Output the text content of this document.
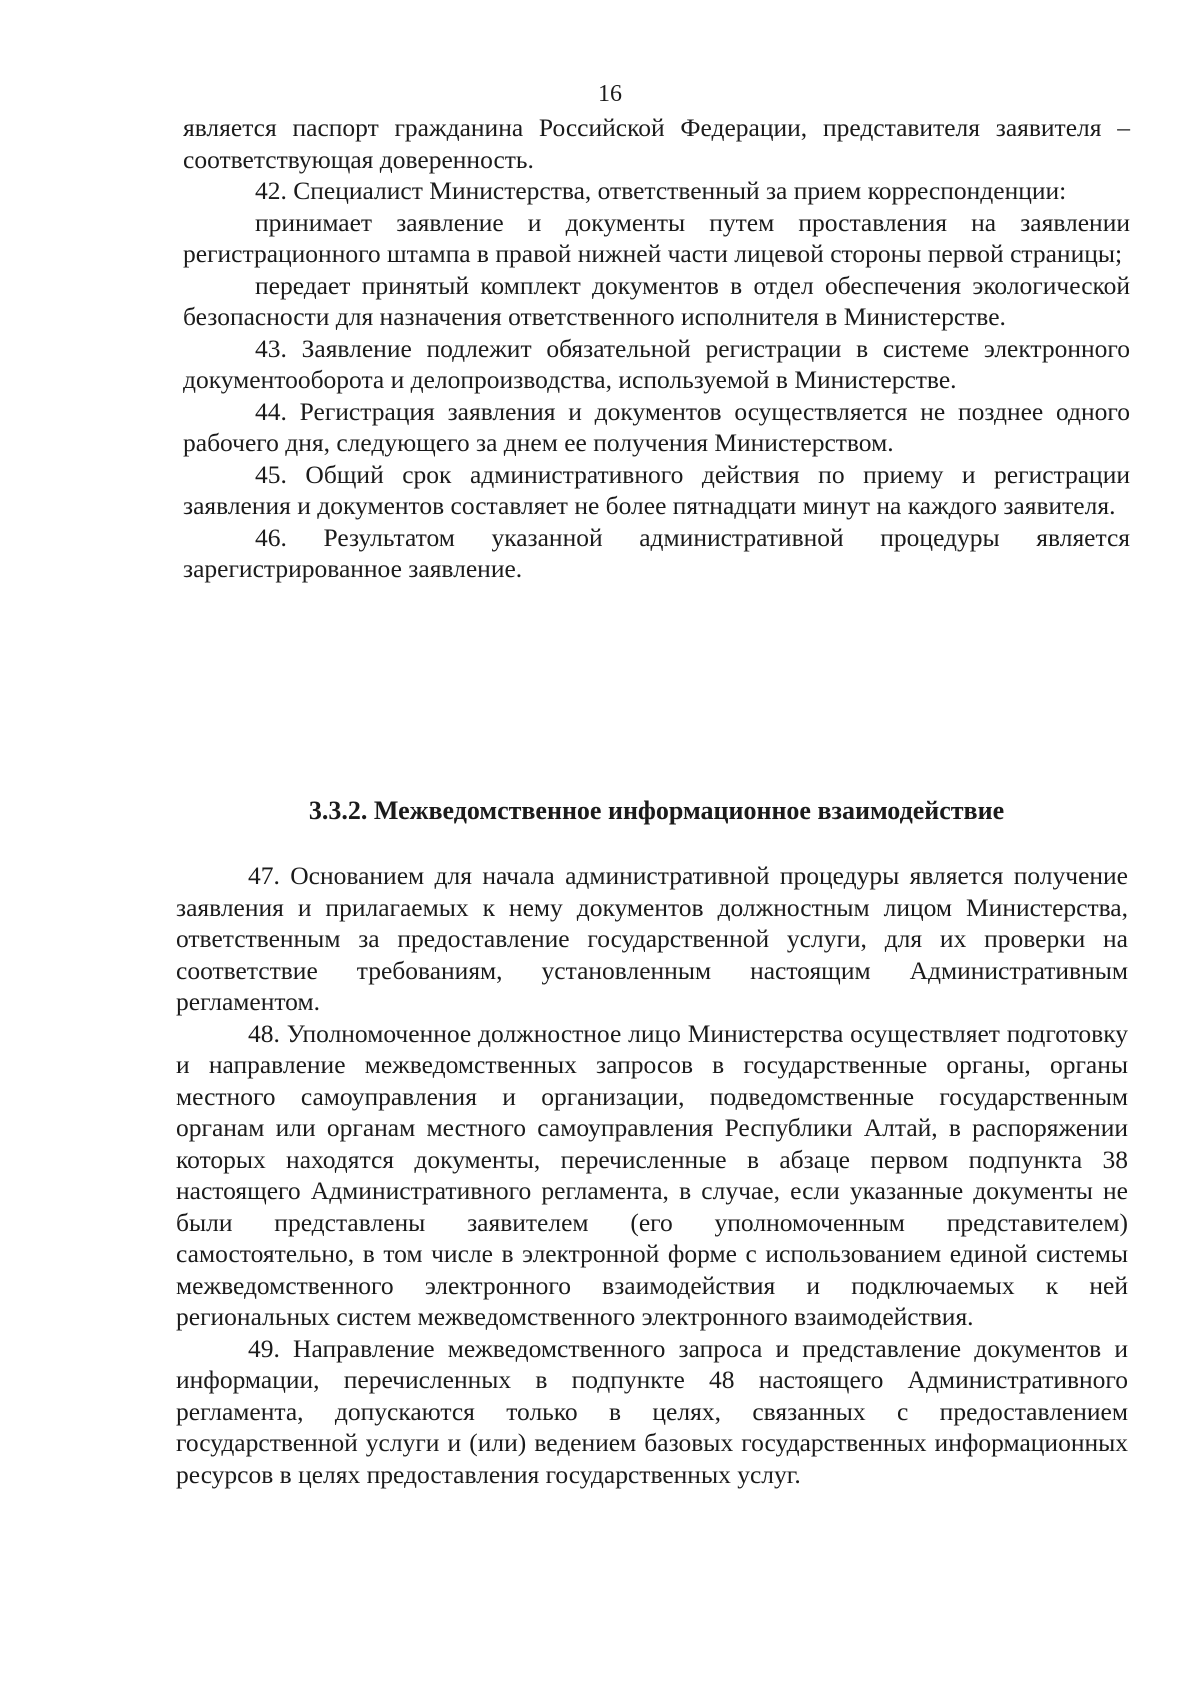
16

является паспорт гражданина Российской Федерации, представителя заявителя – соответствующая доверенность.

42. Специалист Министерства, ответственный за прием корреспонденции:

принимает заявление и документы путем проставления на заявлении регистрационного штампа в правой нижней части лицевой стороны первой страницы;

передает принятый комплект документов в отдел обеспечения экологической безопасности для назначения ответственного исполнителя в Министерстве.

43. Заявление подлежит обязательной регистрации в системе электронного документооборота и делопроизводства, используемой в Министерстве.

44. Регистрация заявления и документов осуществляется не позднее одного рабочего дня, следующего за днем ее получения Министерством.

45. Общий срок административного действия по приему и регистрации заявления и документов составляет не более пятнадцати минут на каждого заявителя.

46. Результатом указанной административной процедуры является зарегистрированное заявление.

3.3.2. Межведомственное информационное взаимодействие

47. Основанием для начала административной процедуры является получение заявления и прилагаемых к нему документов должностным лицом Министерства, ответственным за предоставление государственной услуги, для их проверки на соответствие требованиям, установленным настоящим Административным регламентом.

48. Уполномоченное должностное лицо Министерства осуществляет подготовку и направление межведомственных запросов в государственные органы, органы местного самоуправления и организации, подведомственные государственным органам или органам местного самоуправления Республики Алтай, в распоряжении которых находятся документы, перечисленные в абзаце первом подпункта 38 настоящего Административного регламента, в случае, если указанные документы не были представлены заявителем (его уполномоченным представителем) самостоятельно, в том числе в электронной форме с использованием единой системы межведомственного электронного взаимодействия и подключаемых к ней региональных систем межведомственного электронного взаимодействия.

49. Направление межведомственного запроса и представление документов и информации, перечисленных в подпункте 48 настоящего Административного регламента, допускаются только в целях, связанных с предоставлением государственной услуги и (или) ведением базовых государственных информационных ресурсов в целях предоставления государственных услуг.
